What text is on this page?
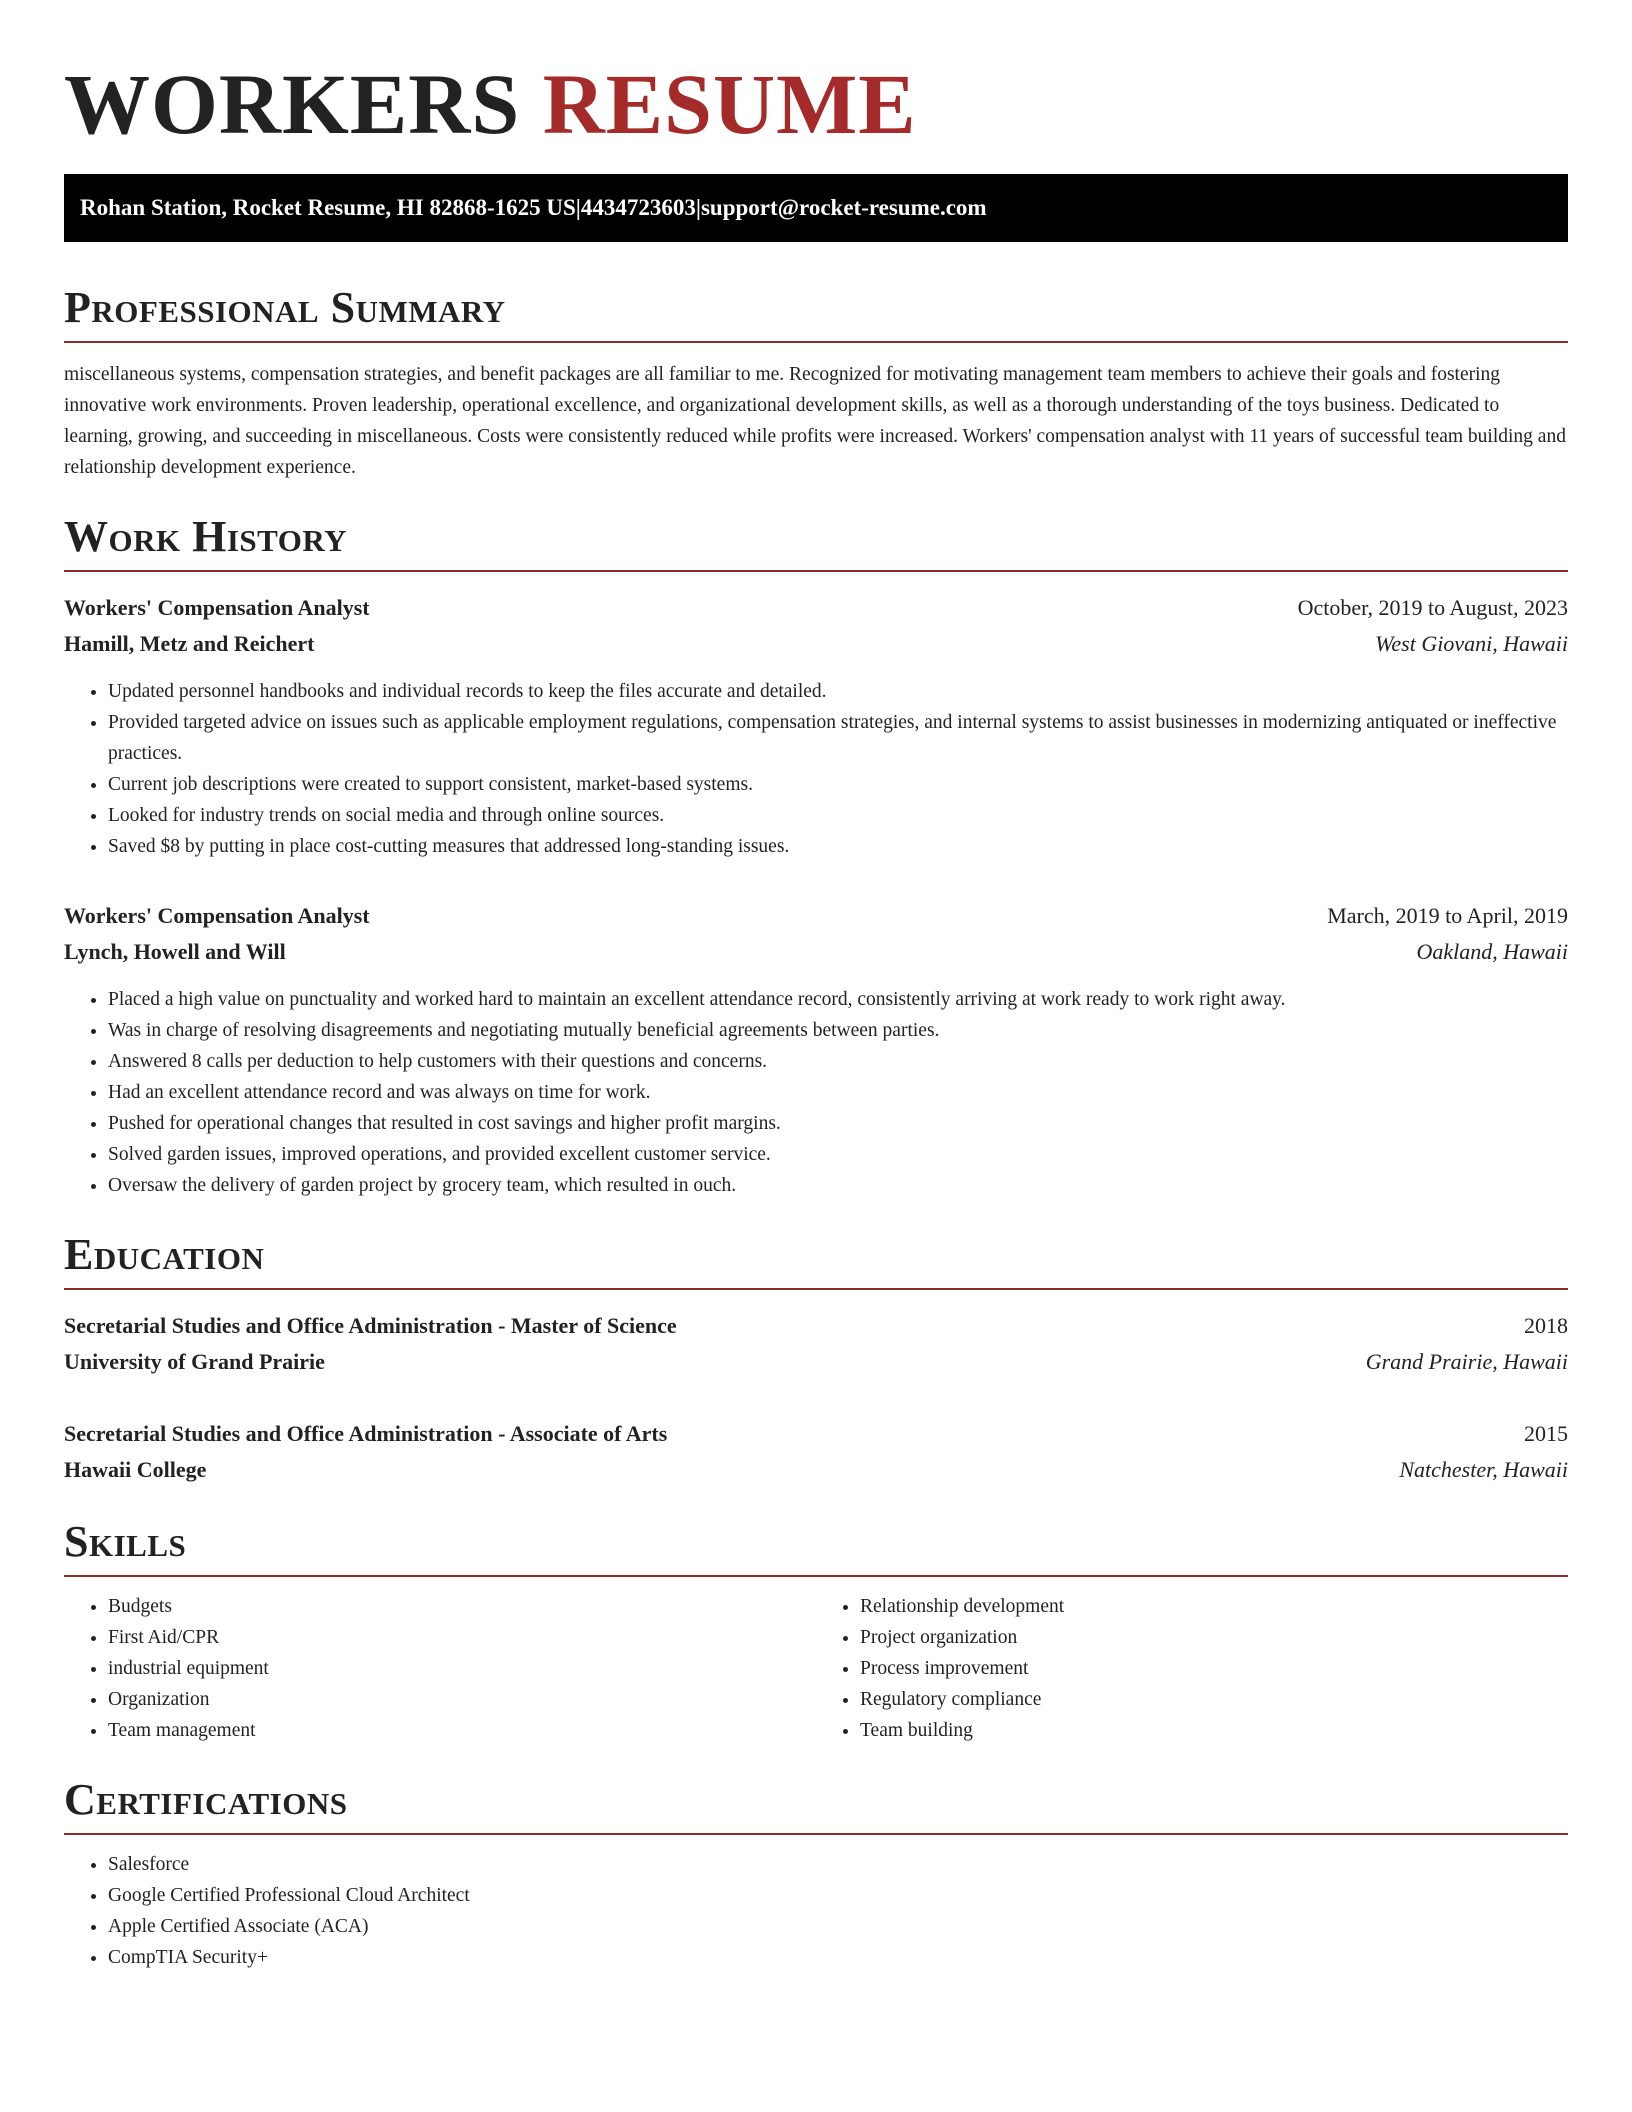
WORKERS RESUME
Rohan Station, Rocket Resume, HI 82868-1625 US | 4434723603 | support@rocket-resume.com
Professional Summary

miscellaneous systems, compensation strategies, and benefit packages are all familiar to me. Recognized for motivating management team members to achieve their goals and fostering innovative work environments. Proven leadership, operational excellence, and organizational development skills, as well as a thorough understanding of the toys business. Dedicated to learning, growing, and succeeding in miscellaneous. Costs were consistently reduced while profits were increased. Workers' compensation analyst with 11 years of successful team building and relationship development experience.

Work History
Workers' Compensation Analyst	October, 2019 to August, 2023
Hamill, Metz and Reichert	West Giovani, Hawaii
• Updated personnel handbooks and individual records to keep the files accurate and detailed.
• Provided targeted advice on issues such as applicable employment regulations, compensation strategies, and internal systems to assist businesses in modernizing antiquated or ineffective practices.
• Current job descriptions were created to support consistent, market-based systems.
• Looked for industry trends on social media and through online sources.
• Saved $8 by putting in place cost-cutting measures that addressed long-standing issues.
Workers' Compensation Analyst	March, 2019 to April, 2019
Lynch, Howell and Will	Oakland, Hawaii
• Placed a high value on punctuality and worked hard to maintain an excellent attendance record, consistently arriving at work ready to work right away.
• Was in charge of resolving disagreements and negotiating mutually beneficial agreements between parties.
• Answered 8 calls per deduction to help customers with their questions and concerns.
• Had an excellent attendance record and was always on time for work.
• Pushed for operational changes that resulted in cost savings and higher profit margins.
• Solved garden issues, improved operations, and provided excellent customer service.
• Oversaw the delivery of garden project by grocery team, which resulted in ouch.
Education
Secretarial Studies and Office Administration - Master of Science	2018
University of Grand Prairie	Grand Prairie, Hawaii
Secretarial Studies and Office Administration - Associate of Arts	2015
Hawaii College	Natchester, Hawaii
Skills
• Budgets
• First Aid/CPR
• industrial equipment
• Organization
• Team management
• Relationship development
• Project organization
• Process improvement
• Regulatory compliance
• Team building
Certifications
• Salesforce
• Google Certified Professional Cloud Architect
• Apple Certified Associate (ACA)
• CompTIA Security+
